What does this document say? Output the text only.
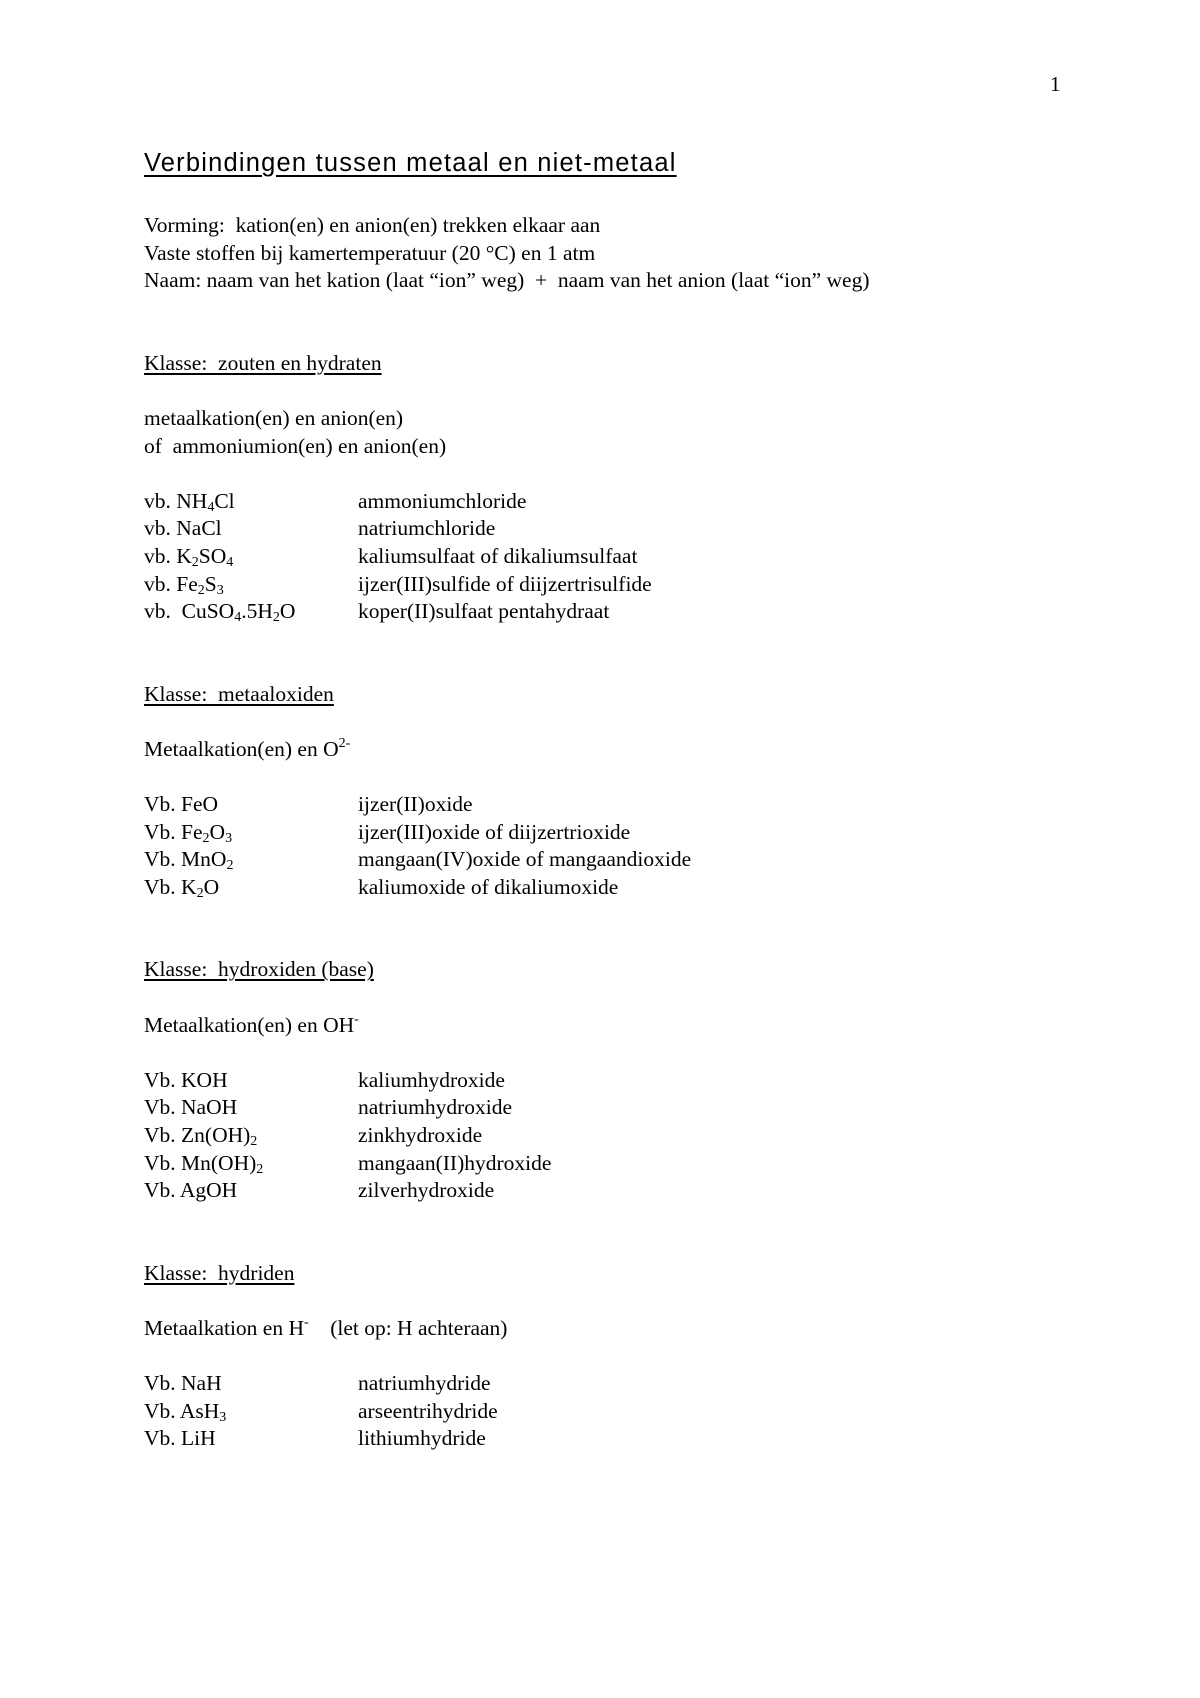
1
Verbindingen tussen metaal en niet-metaal
Vorming:  kation(en) en anion(en) trekken elkaar aan
Vaste stoffen bij kamertemperatuur (20 °C) en 1 atm
Naam: naam van het kation (laat “ion” weg)  +  naam van het anion (laat “ion” weg)
Klasse:  zouten en hydraten
metaalkation(en) en anion(en)
of  ammoniumion(en) en anion(en)
vb. $NH_4Cl$	ammoniumchloride
vb. NaCl	natriumchloride
vb. $K_2SO_4$	kaliumsulfaat of dikaliumsulfaat
vb. $Fe_2S_3$	ijzer(III)sulfide of diijzertrisulfide
vb.  $CuSO_4.5H_2O$	koper(II)sulfaat pentahydraat
Klasse:  metaaloxiden
Metaalkation(en) en $O^{2-}$
Vb. FeO	ijzer(II)oxide
Vb. $Fe_2O_3$	ijzer(III)oxide of diijzertrioxide
Vb. MnO$_2$	mangaan(IV)oxide of mangaandioxide
Vb. $K_2O$	kaliumoxide of dikaliumoxide
Klasse:  hydroxiden (base)
Metaalkation(en) en OH-
Vb. KOH	kaliumhydroxide
Vb. NaOH	natriumhydroxide
Vb. $Zn(OH)_2$	zinkhydroxide
Vb. $Mn(OH)_2$	mangaan(II)hydroxide
Vb. AgOH	zilverhydroxide
Klasse:  hydriden
Metaalkation en H-    (let op: H achteraan)
Vb. NaH	natriumhydride
Vb. AsH$_3$	arseentrihydride
Vb. LiH	lithiumhydride
